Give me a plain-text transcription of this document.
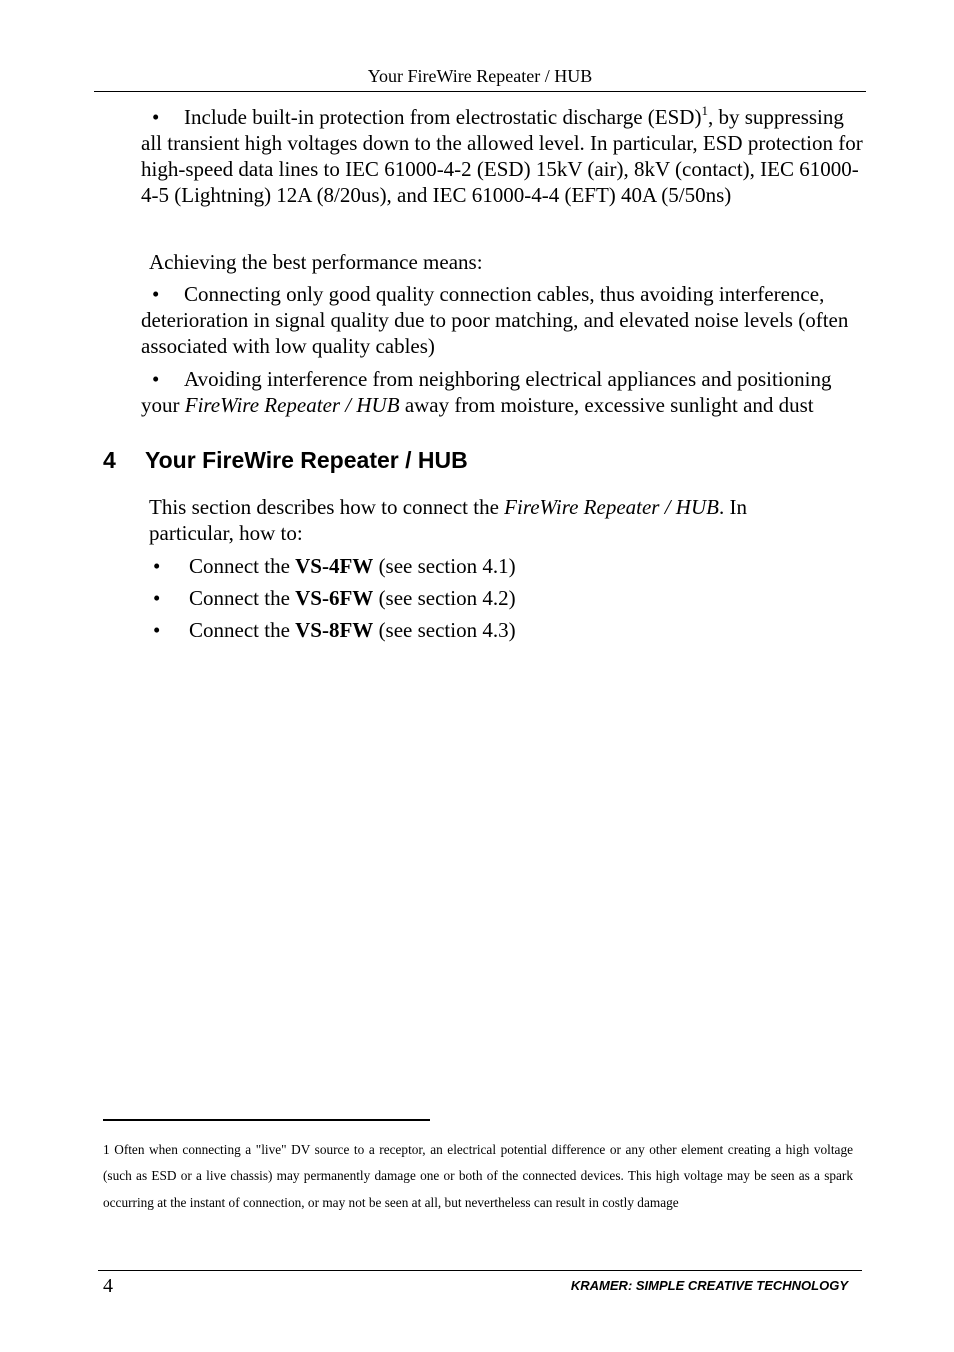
Your FireWire Repeater / HUB

• Include built-in protection from electrostatic discharge (ESD)$^1$, by suppressing all transient high voltages down to the allowed level. In particular, ESD protection for high-speed data lines to IEC 61000-4-2 (ESD) 15kV (air), 8kV (contact), IEC 61000-4-5 (Lightning) 12A (8/20us), and IEC 61000-4-4 (EFT) 40A (5/50ns)

Achieving the best performance means:

• Connecting only good quality connection cables, thus avoiding interference, deterioration in signal quality due to poor matching, and elevated noise levels (often associated with low quality cables)

• Avoiding interference from neighboring electrical appliances and positioning your FireWire Repeater / HUB away from moisture, excessive sunlight and dust

4 Your FireWire Repeater / HUB

This section describes how to connect the FireWire Repeater / HUB. In particular, how to:

• Connect the VS-4FW (see section 4.1)
• Connect the VS-6FW (see section 4.2)
• Connect the VS-8FW (see section 4.3)
1 Often when connecting a "live" DV source to a receptor, an electrical potential difference or any other element creating a high voltage (such as ESD or a live chassis) may permanently damage one or both of the connected devices. This high voltage may be seen as a spark occurring at the instant of connection, or may not be seen at all, but nevertheless can result in costly damage
4	KRAMER: SIMPLE CREATIVE TECHNOLOGY
